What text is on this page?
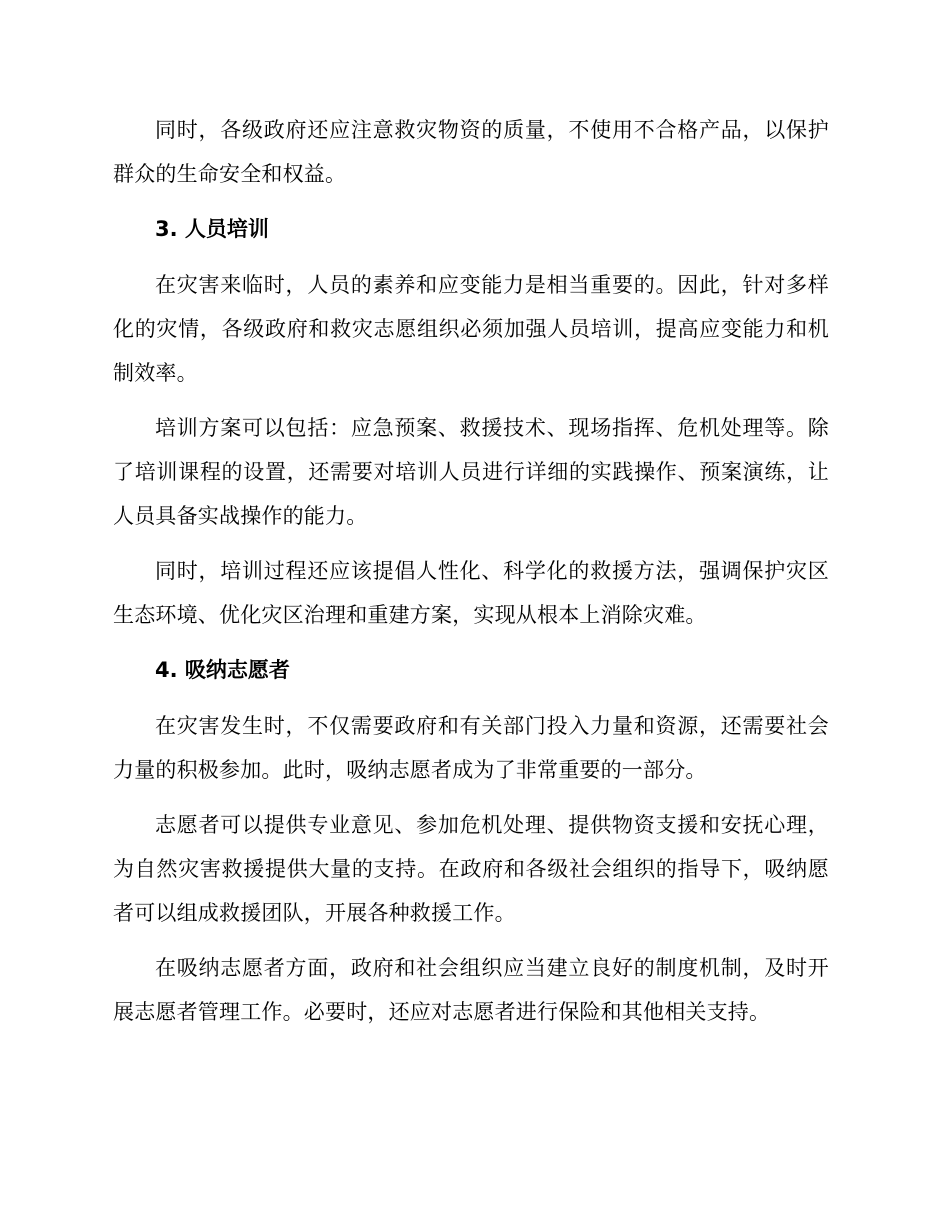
同时，各级政府还应注意救灾物资的质量，不使用不合格产品，以保护群众的生命安全和权益。

3. 人员培训

在灾害来临时，人员的素养和应变能力是相当重要的。因此，针对多样化的灾情，各级政府和救灾志愿组织必须加强人员培训，提高应变能力和机制效率。

培训方案可以包括：应急预案、救援技术、现场指挥、危机处理等。除了培训课程的设置，还需要对培训人员进行详细的实践操作、预案演练，让人员具备实战操作的能力。

同时，培训过程还应该提倡人性化、科学化的救援方法，强调保护灾区生态环境、优化灾区治理和重建方案，实现从根本上消除灾难。

4. 吸纳志愿者

在灾害发生时，不仅需要政府和有关部门投入力量和资源，还需要社会力量的积极参加。此时，吸纳志愿者成为了非常重要的一部分。

志愿者可以提供专业意见、参加危机处理、提供物资支援和安抚心理，为自然灾害救援提供大量的支持。在政府和各级社会组织的指导下，吸纳愿者可以组成救援团队，开展各种救援工作。

在吸纳志愿者方面，政府和社会组织应当建立良好的制度机制，及时开展志愿者管理工作。必要时，还应对志愿者进行保险和其他相关支持。
